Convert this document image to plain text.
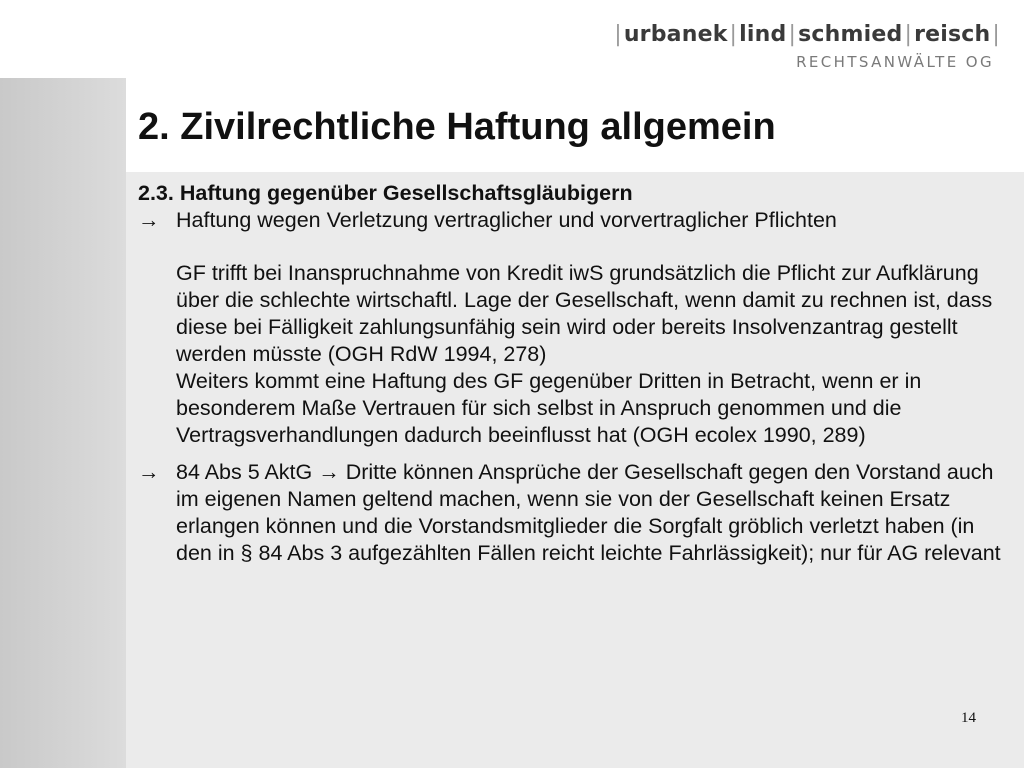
|urbanek|lind|schmied|reisch|
RECHTSANWÄLTE OG
2. Zivilrechtliche Haftung allgemein
2.3. Haftung gegenüber Gesellschaftsgläubigern
→ Haftung wegen Verletzung vertraglicher und vorvertraglicher Pflichten
GF trifft bei Inanspruchnahme von Kredit iwS grundsätzlich die Pflicht zur Aufklärung über die schlechte wirtschaftl. Lage der Gesellschaft, wenn damit zu rechnen ist, dass diese bei Fälligkeit zahlungsunfähig sein wird oder bereits Insolvenzantrag gestellt werden müsste (OGH RdW 1994, 278)
Weiters kommt eine Haftung des GF gegenüber Dritten in Betracht, wenn er in besonderem Maße Vertrauen für sich selbst in Anspruch genommen und die Vertragsverhandlungen dadurch beeinflusst hat (OGH ecolex 1990, 289)
→ 84 Abs 5 AktG → Dritte können Ansprüche der Gesellschaft gegen den Vorstand auch im eigenen Namen geltend machen, wenn sie von der Gesellschaft keinen Ersatz erlangen können und die Vorstandsmitglieder die Sorgfalt gröblich verletzt haben (in den in § 84 Abs 3 aufgezählten Fällen reicht leichte Fahrlässigkeit); nur für AG relevant
14
